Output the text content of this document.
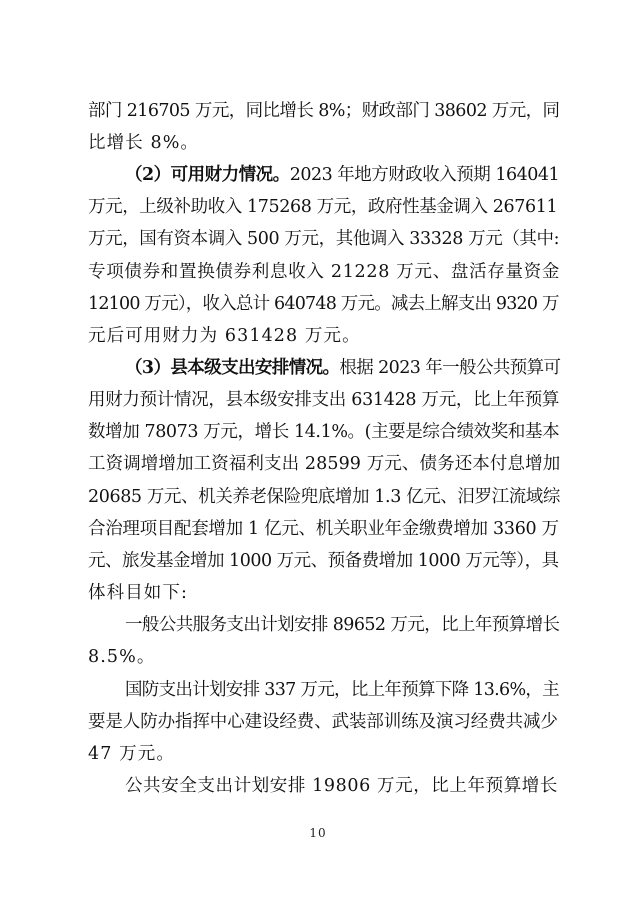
部门 216705 万元，同比增长 8%；财政部门 38602 万元，同
比增长 8%。
（2）可用财力情况。2023 年地方财政收入预期 164041
万元，上级补助收入 175268 万元，政府性基金调入 267611
万元，国有资本调入 500 万元，其他调入 33328 万元（其中:
专项债券和置换债券利息收入 21228 万元、盘活存量资金
12100 万元），收入总计 640748 万元。减去上解支出 9320 万
元后可用财力为 631428 万元。
（3）县本级支出安排情况。根据 2023 年一般公共预算可
用财力预计情况，县本级安排支出 631428 万元，比上年预算
数增加 78073 万元，增长 14.1%。(主要是综合绩效奖和基本
工资调增增加工资福利支出 28599 万元、债务还本付息增加
20685 万元、机关养老保险兜底增加 1.3 亿元、汨罗江流域综
合治理项目配套增加 1 亿元、机关职业年金缴费增加 3360 万
元、旅发基金增加 1000 万元、预备费增加 1000 万元等），具
体科目如下:
一般公共服务支出计划安排 89652 万元，比上年预算增长
8.5%。
国防支出计划安排 337 万元，比上年预算下降 13.6%，主
要是人防办指挥中心建设经费、武装部训练及演习经费共减少
47 万元。
公共安全支出计划安排 19806 万元，比上年预算增长
10
